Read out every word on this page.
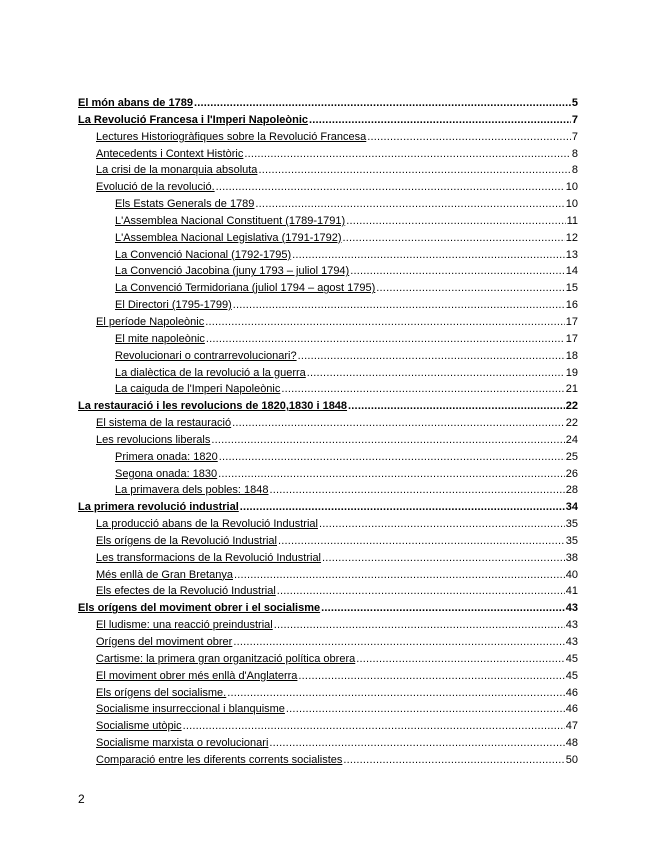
El món abans de 1789 .....	5
La Revolució Francesa i l'Imperi Napoleònic .....	7
Lectures Historiogràfiques sobre la Revolució Francesa .....	7
Antecedents i Context Històric .....	8
La crisi de la monarquia absoluta .....	8
Evolució de la revolució. .....	10
Els Estats Generals de 1789 .....	10
L'Assemblea Nacional Constituent (1789-1791) .....	11
L'Assemblea Nacional Legislativa (1791-1792) .....	12
La Convenció Nacional (1792-1795) .....	13
La Convenció Jacobina (juny 1793 – juliol 1794) .....	14
La Convenció Termidoriana (juliol 1794 – agost 1795) .....	15
El Directori (1795-1799) .....	16
El període Napoleònic .....	17
El mite napoleònic .....	17
Revolucionari o contrarrevolucionari? .....	18
La dialèctica de la revolució a la guerra .....	19
La caiguda de l'Imperi Napoleònic .....	21
La restauració i les revolucions de 1820,1830 i 1848 .....	22
El sistema de la restauració .....	22
Les revolucions liberals .....	24
Primera onada: 1820 .....	25
Segona onada: 1830 .....	26
La primavera dels pobles: 1848 .....	28
La primera revolució industrial .....	34
La producció abans de la Revolució Industrial .....	35
Els orígens de la Revolució Industrial .....	35
Les transformacions de la Revolució Industrial .....	38
Més enllà de Gran Bretanya .....	40
Els efectes de la Revolució Industrial .....	41
Els orígens del moviment obrer i el socialisme .....	43
El ludisme: una reacció preindustrial .....	43
Orígens del moviment obrer .....	43
Cartisme: la primera gran organització política obrera .....	45
El moviment obrer més enllà d'Anglaterra .....	45
Els orígens del socialisme. .....	46
Socialisme insurreccional i blanquisme .....	46
Socialisme utòpic .....	47
Socialisme marxista o revolucionari .....	48
Comparació entre les diferents corrents socialistes .....	50
2
